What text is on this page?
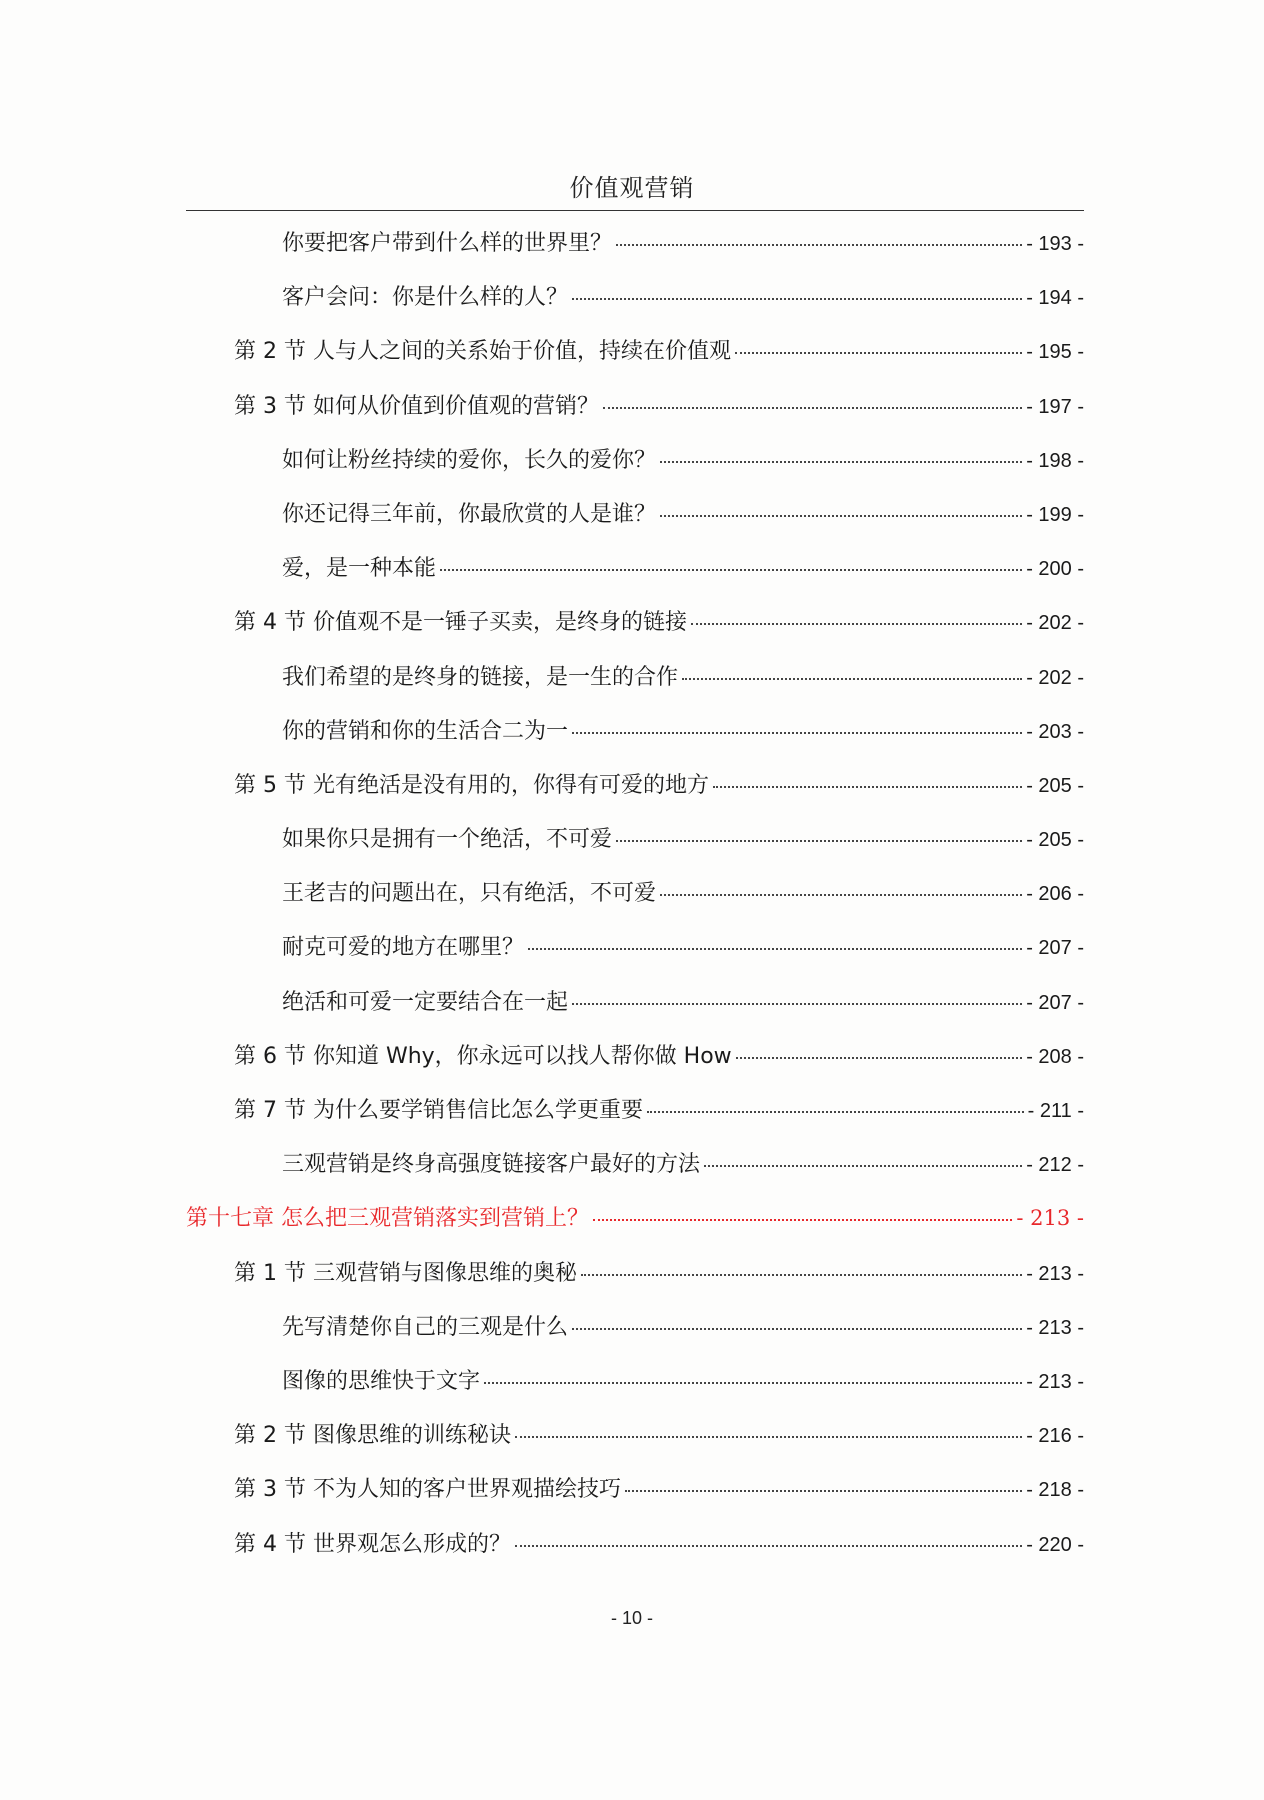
价值观营销
你要把客户带到什么样的世界里？	- 193 -
客户会问：你是什么样的人？	- 194 -
第 2 节 人与人之间的关系始于价值，持续在价值观	- 195 -
第 3 节 如何从价值到价值观的营销？	- 197 -
如何让粉丝持续的爱你，长久的爱你？	- 198 -
你还记得三年前，你最欣赏的人是谁？	- 199 -
爱，是一种本能	- 200 -
第 4 节 价值观不是一锤子买卖，是终身的链接	- 202 -
我们希望的是终身的链接，是一生的合作	- 202 -
你的营销和你的生活合二为一	- 203 -
第 5 节 光有绝活是没有用的，你得有可爱的地方	- 205 -
如果你只是拥有一个绝活，不可爱	- 205 -
王老吉的问题出在，只有绝活，不可爱	- 206 -
耐克可爱的地方在哪里？	- 207 -
绝活和可爱一定要结合在一起	- 207 -
第 6 节 你知道 Why，你永远可以找人帮你做 How	- 208 -
第 7 节 为什么要学销售信比怎么学更重要	- 211 -
三观营销是终身高强度链接客户最好的方法	- 212 -
第十七章 怎么把三观营销落实到营销上？	- 213 -
第 1 节 三观营销与图像思维的奥秘	- 213 -
先写清楚你自己的三观是什么	- 213 -
图像的思维快于文字	- 213 -
第 2 节 图像思维的训练秘诀	- 216 -
第 3 节 不为人知的客户世界观描绘技巧	- 218 -
第 4 节 世界观怎么形成的？	- 220 -
- 10 -
